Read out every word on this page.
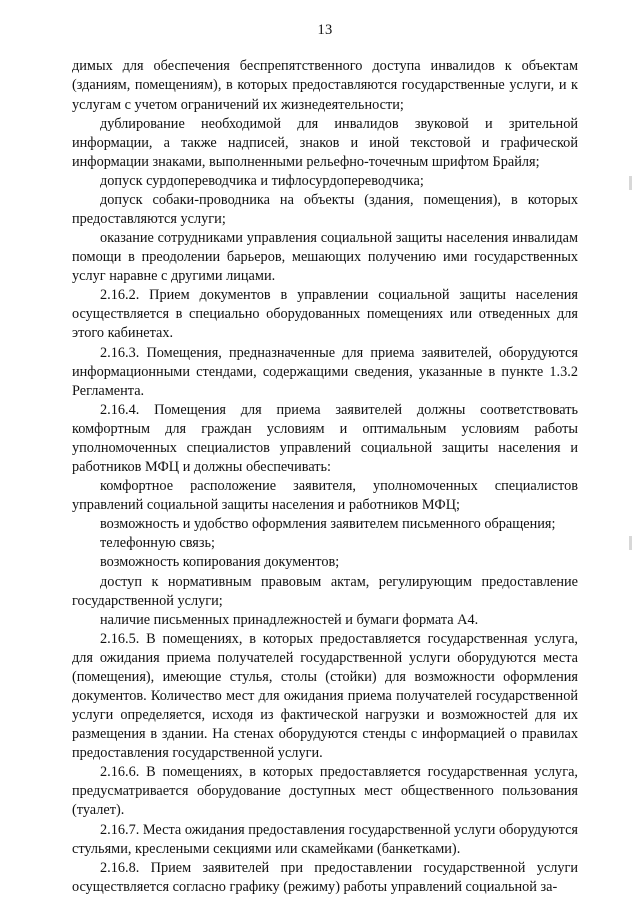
13

димых для обеспечения беспрепятственного доступа инвалидов к объектам (зданиям, помещениям), в которых предоставляются государственные услуги, и к услугам с учетом ограничений их жизнедеятельности;

дублирование необходимой для инвалидов звуковой и зрительной информации, а также надписей, знаков и иной текстовой и графической информации знаками, выполненными рельефно-точечным шрифтом Брайля;

допуск сурдопереводчика и тифлосурдопереводчика;

допуск собаки-проводника на объекты (здания, помещения), в которых предоставляются услуги;

оказание сотрудниками управления социальной защиты населения инвалидам помощи в преодолении барьеров, мешающих получению ими государственных услуг наравне с другими лицами.

2.16.2. Прием документов в управлении социальной защиты населения осуществляется в специально оборудованных помещениях или отведенных для этого кабинетах.

2.16.3. Помещения, предназначенные для приема заявителей, оборудуются информационными стендами, содержащими сведения, указанные в пункте 1.3.2 Регламента.

2.16.4. Помещения для приема заявителей должны соответствовать комфортным для граждан условиям и оптимальным условиям работы уполномоченных специалистов управлений социальной защиты населения и работников МФЦ и должны обеспечивать:

комфортное расположение заявителя, уполномоченных специалистов управлений социальной защиты населения и работников МФЦ;

возможность и удобство оформления заявителем письменного обращения;

телефонную связь;

возможность копирования документов;

доступ к нормативным правовым актам, регулирующим предоставление государственной услуги;

наличие письменных принадлежностей и бумаги формата А4.

2.16.5. В помещениях, в которых предоставляется государственная услуга, для ожидания приема получателей государственной услуги оборудуются места (помещения), имеющие стулья, столы (стойки) для возможности оформления документов. Количество мест для ожидания приема получателей государственной услуги определяется, исходя из фактической нагрузки и возможностей для их размещения в здании. На стенах оборудуются стенды с информацией о правилах предоставления государственной услуги.

2.16.6. В помещениях, в которых предоставляется государственная услуга, предусматривается оборудование доступных мест общественного пользования (туалет).

2.16.7. Места ожидания предоставления государственной услуги оборудуются стульями, креслеными секциями или скамейками (банкетками).

2.16.8. Прием заявителей при предоставлении государственной услуги осуществляется согласно графику (режиму) работы управлений социальной за-
